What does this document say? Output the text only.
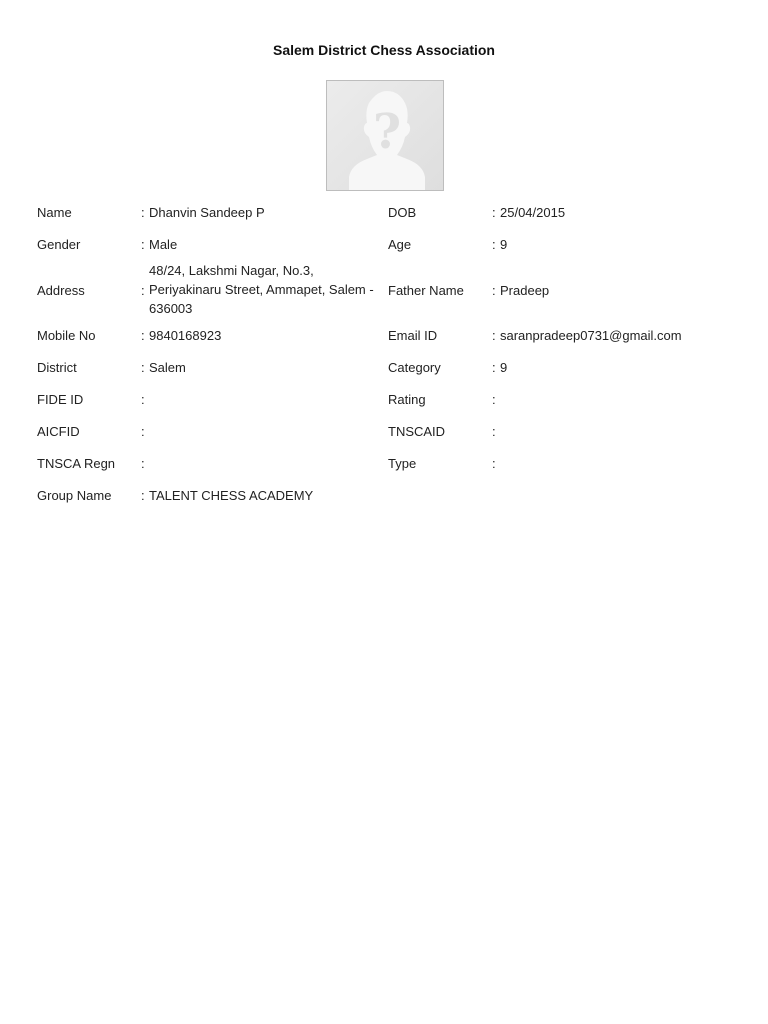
Salem District Chess Association
?
Name	:	Dhanvin Sandeep P	DOB	:	25/04/2015
Gender	:	Male	Age	:	9
Address	:	48/24, Lakshmi Nagar, No.3, Periyakinaru Street, Ammapet, Salem - 636003	Father Name	:	Pradeep
Mobile No	:	9840168923	Email ID	:	saranpradeep0731@gmail.com
District	:	Salem	Category	:	9
FIDE ID	:		Rating	:	
AICFID	:		TNSCAID	:	
TNSCA Regn	:		Type	:	
Group Name	:	TALENT CHESS ACADEMY			
